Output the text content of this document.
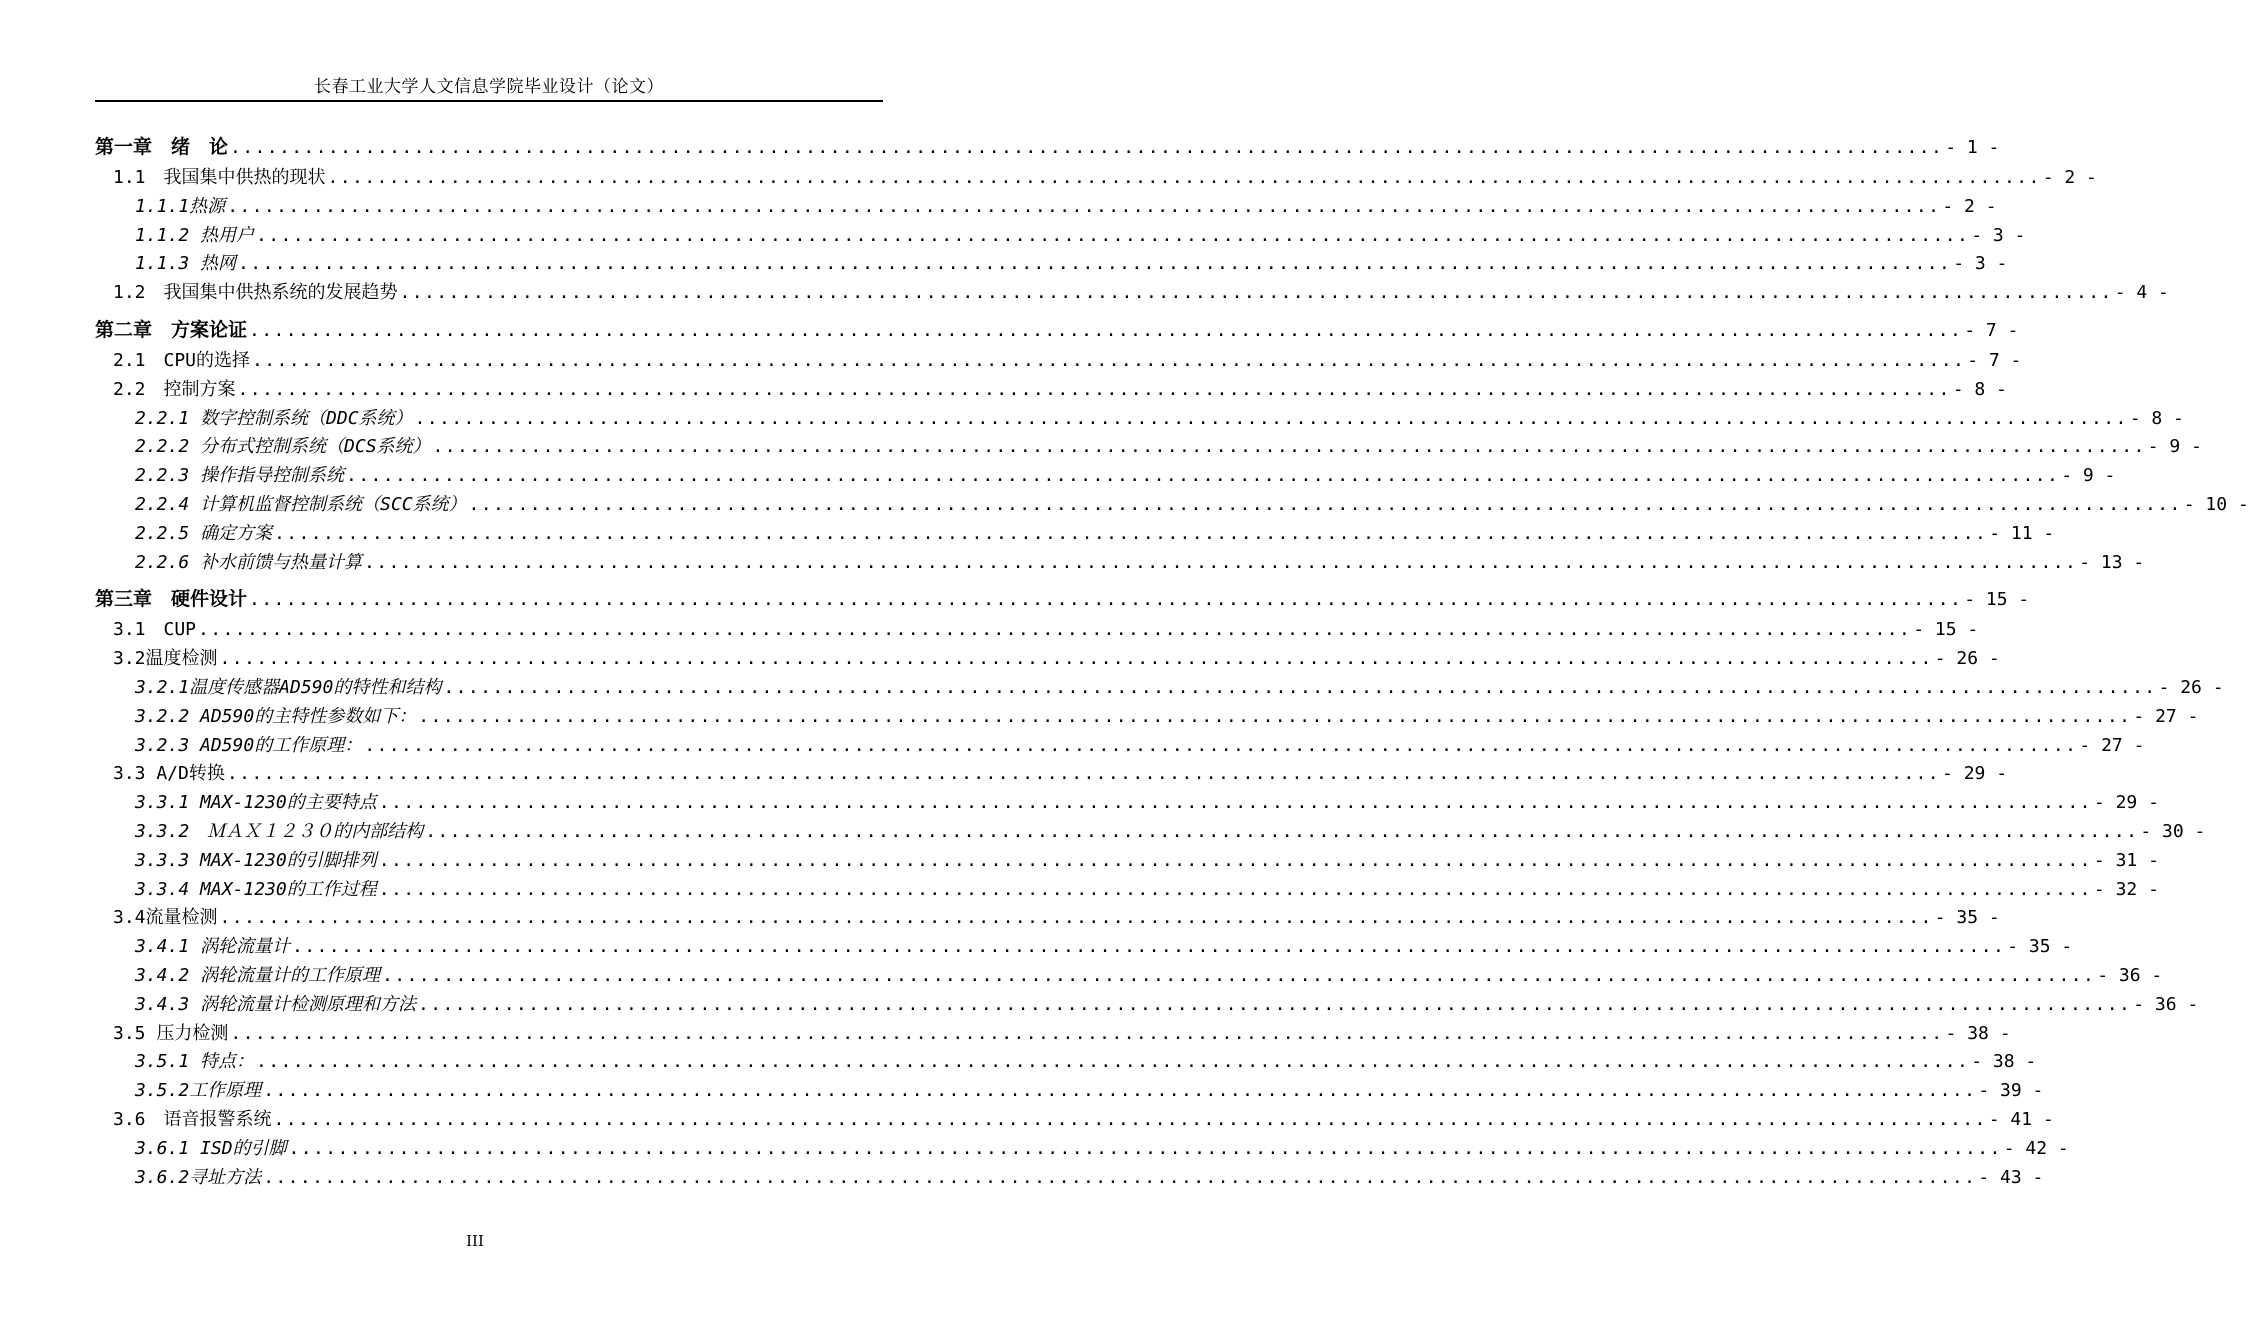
长春工业大学人文信息学院毕业设计（论文）
第一章　绪　论 ............................................................................................................................................ - 1 -
1.1　我国集中供热的现状 ............................................................................................................................................ - 2 -
1.1.1热源 ............................................................................................................................................ - 2 -
1.1.2 热用户 ............................................................................................................................................ - 3 -
1.1.3 热网 ............................................................................................................................................ - 3 -
1.2　我国集中供热系统的发展趋势 ............................................................................................................................................ - 4 -
第二章　方案论证 ............................................................................................................................................ - 7 -
2.1　CPU的选择 ............................................................................................................................................ - 7 -
2.2　控制方案 ............................................................................................................................................ - 8 -
2.2.1 数字控制系统（DDC系统） ............................................................................................................................................ - 8 -
2.2.2 分布式控制系统（DCS系统） ............................................................................................................................................ - 9 -
2.2.3 操作指导控制系统 ............................................................................................................................................ - 9 -
2.2.4 计算机监督控制系统（SCC系统） ............................................................................................................................................ - 10 -
2.2.5 确定方案 ............................................................................................................................................ - 11 -
2.2.6 补水前馈与热量计算 ............................................................................................................................................ - 13 -
第三章　硬件设计 ............................................................................................................................................ - 15 -
3.1　CUP ............................................................................................................................................ - 15 -
3.2温度检测 ............................................................................................................................................ - 26 -
3.2.1温度传感器AD590的特性和结构 ............................................................................................................................................ - 26 -
3.2.2 AD590的主特性参数如下： ............................................................................................................................................ - 27 -
3.2.3 AD590的工作原理： ............................................................................................................................................ - 27 -
3.3 A/D转换 ............................................................................................................................................ - 29 -
3.3.1 MAX-1230的主要特点 ............................................................................................................................................ - 29 -
3.3.2　ＭＡＸ１２３０的内部结构 ............................................................................................................................................ - 30 -
3.3.3 MAX-1230的引脚排列 ............................................................................................................................................ - 31 -
3.3.4 MAX-1230的工作过程 ............................................................................................................................................ - 32 -
3.4流量检测 ............................................................................................................................................ - 35 -
3.4.1 涡轮流量计 ............................................................................................................................................ - 35 -
3.4.2 涡轮流量计的工作原理 ............................................................................................................................................ - 36 -
3.4.3 涡轮流量计检测原理和方法 ............................................................................................................................................ - 36 -
3.5 压力检测 ............................................................................................................................................ - 38 -
3.5.1 特点： ............................................................................................................................................ - 38 -
3.5.2工作原理 ............................................................................................................................................ - 39 -
3.6　语音报警系统 ............................................................................................................................................ - 41 -
3.6.1 ISD的引脚 ............................................................................................................................................ - 42 -
3.6.2寻址方法 ............................................................................................................................................ - 43 -
III
